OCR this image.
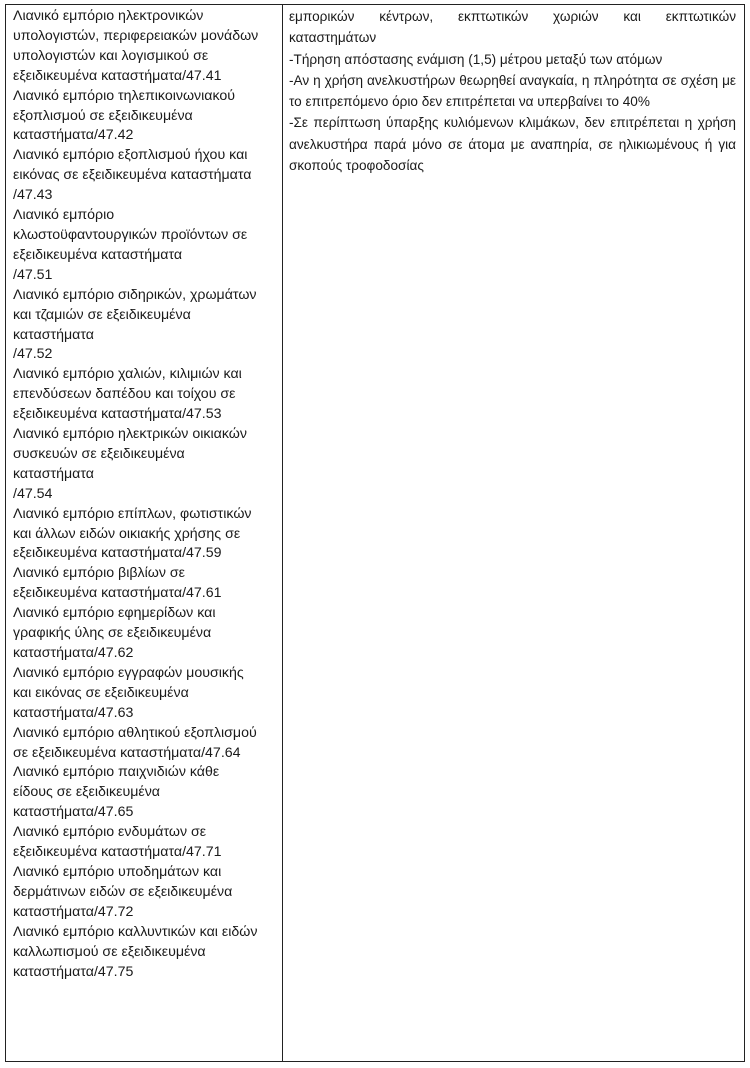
Λιανικό εμπόριο ηλεκτρονικών
υπολογιστών, περιφερειακών μονάδων
υπολογιστών και λογισμικού σε
εξειδικευμένα καταστήματα/47.41
Λιανικό εμπόριο τηλεπικοινωνιακού
εξοπλισμού σε εξειδικευμένα
καταστήματα/47.42
Λιανικό εμπόριο εξοπλισμού ήχου και
εικόνας σε εξειδικευμένα καταστήματα
/47.43
Λιανικό εμπόριο
κλωστοϋφαντουργικών προϊόντων σε
εξειδικευμένα καταστήματα
/47.51
Λιανικό εμπόριο σιδηρικών, χρωμάτων
και τζαμιών σε εξειδικευμένα
καταστήματα
/47.52
Λιανικό εμπόριο χαλιών, κιλιμιών και
επενδύσεων δαπέδου και τοίχου σε
εξειδικευμένα καταστήματα/47.53
Λιανικό εμπόριο ηλεκτρικών οικιακών
συσκευών σε εξειδικευμένα
καταστήματα
/47.54
Λιανικό εμπόριο επίπλων, φωτιστικών
και άλλων ειδών οικιακής χρήσης σε
εξειδικευμένα καταστήματα/47.59
Λιανικό εμπόριο βιβλίων σε
εξειδικευμένα καταστήματα/47.61
Λιανικό εμπόριο εφημερίδων και
γραφικής ύλης σε εξειδικευμένα
καταστήματα/47.62
Λιανικό εμπόριο εγγραφών μουσικής
και εικόνας σε εξειδικευμένα
καταστήματα/47.63
Λιανικό εμπόριο αθλητικού εξοπλισμού
σε εξειδικευμένα καταστήματα/47.64
Λιανικό εμπόριο παιχνιδιών κάθε
είδους σε εξειδικευμένα
καταστήματα/47.65
Λιανικό εμπόριο ενδυμάτων σε
εξειδικευμένα καταστήματα/47.71
Λιανικό εμπόριο υποδημάτων και
δερμάτινων ειδών σε εξειδικευμένα
καταστήματα/47.72
Λιανικό εμπόριο καλλυντικών και ειδών
καλλωπισμού σε εξειδικευμένα
καταστήματα/47.75

εμπορικών κέντρων, εκπτωτικών χωριών και εκπτωτικών
καταστημάτων

-Τήρηση απόστασης ενάμιση (1,5) μέτρου μεταξύ των ατόμων

-Αν η χρήση ανελκυστήρων θεωρηθεί αναγκαία, η πληρότητα σε σχέση με το επιτρεπόμενο όριο δεν επιτρέπεται να υπερβαίνει το 40%

-Σε περίπτωση ύπαρξης κυλιόμενων κλιμάκων, δεν επιτρέπεται η χρήση ανελκυστήρα παρά μόνο σε άτομα με αναπηρία, σε ηλικιωμένους ή για σκοπούς τροφοδοσίας
